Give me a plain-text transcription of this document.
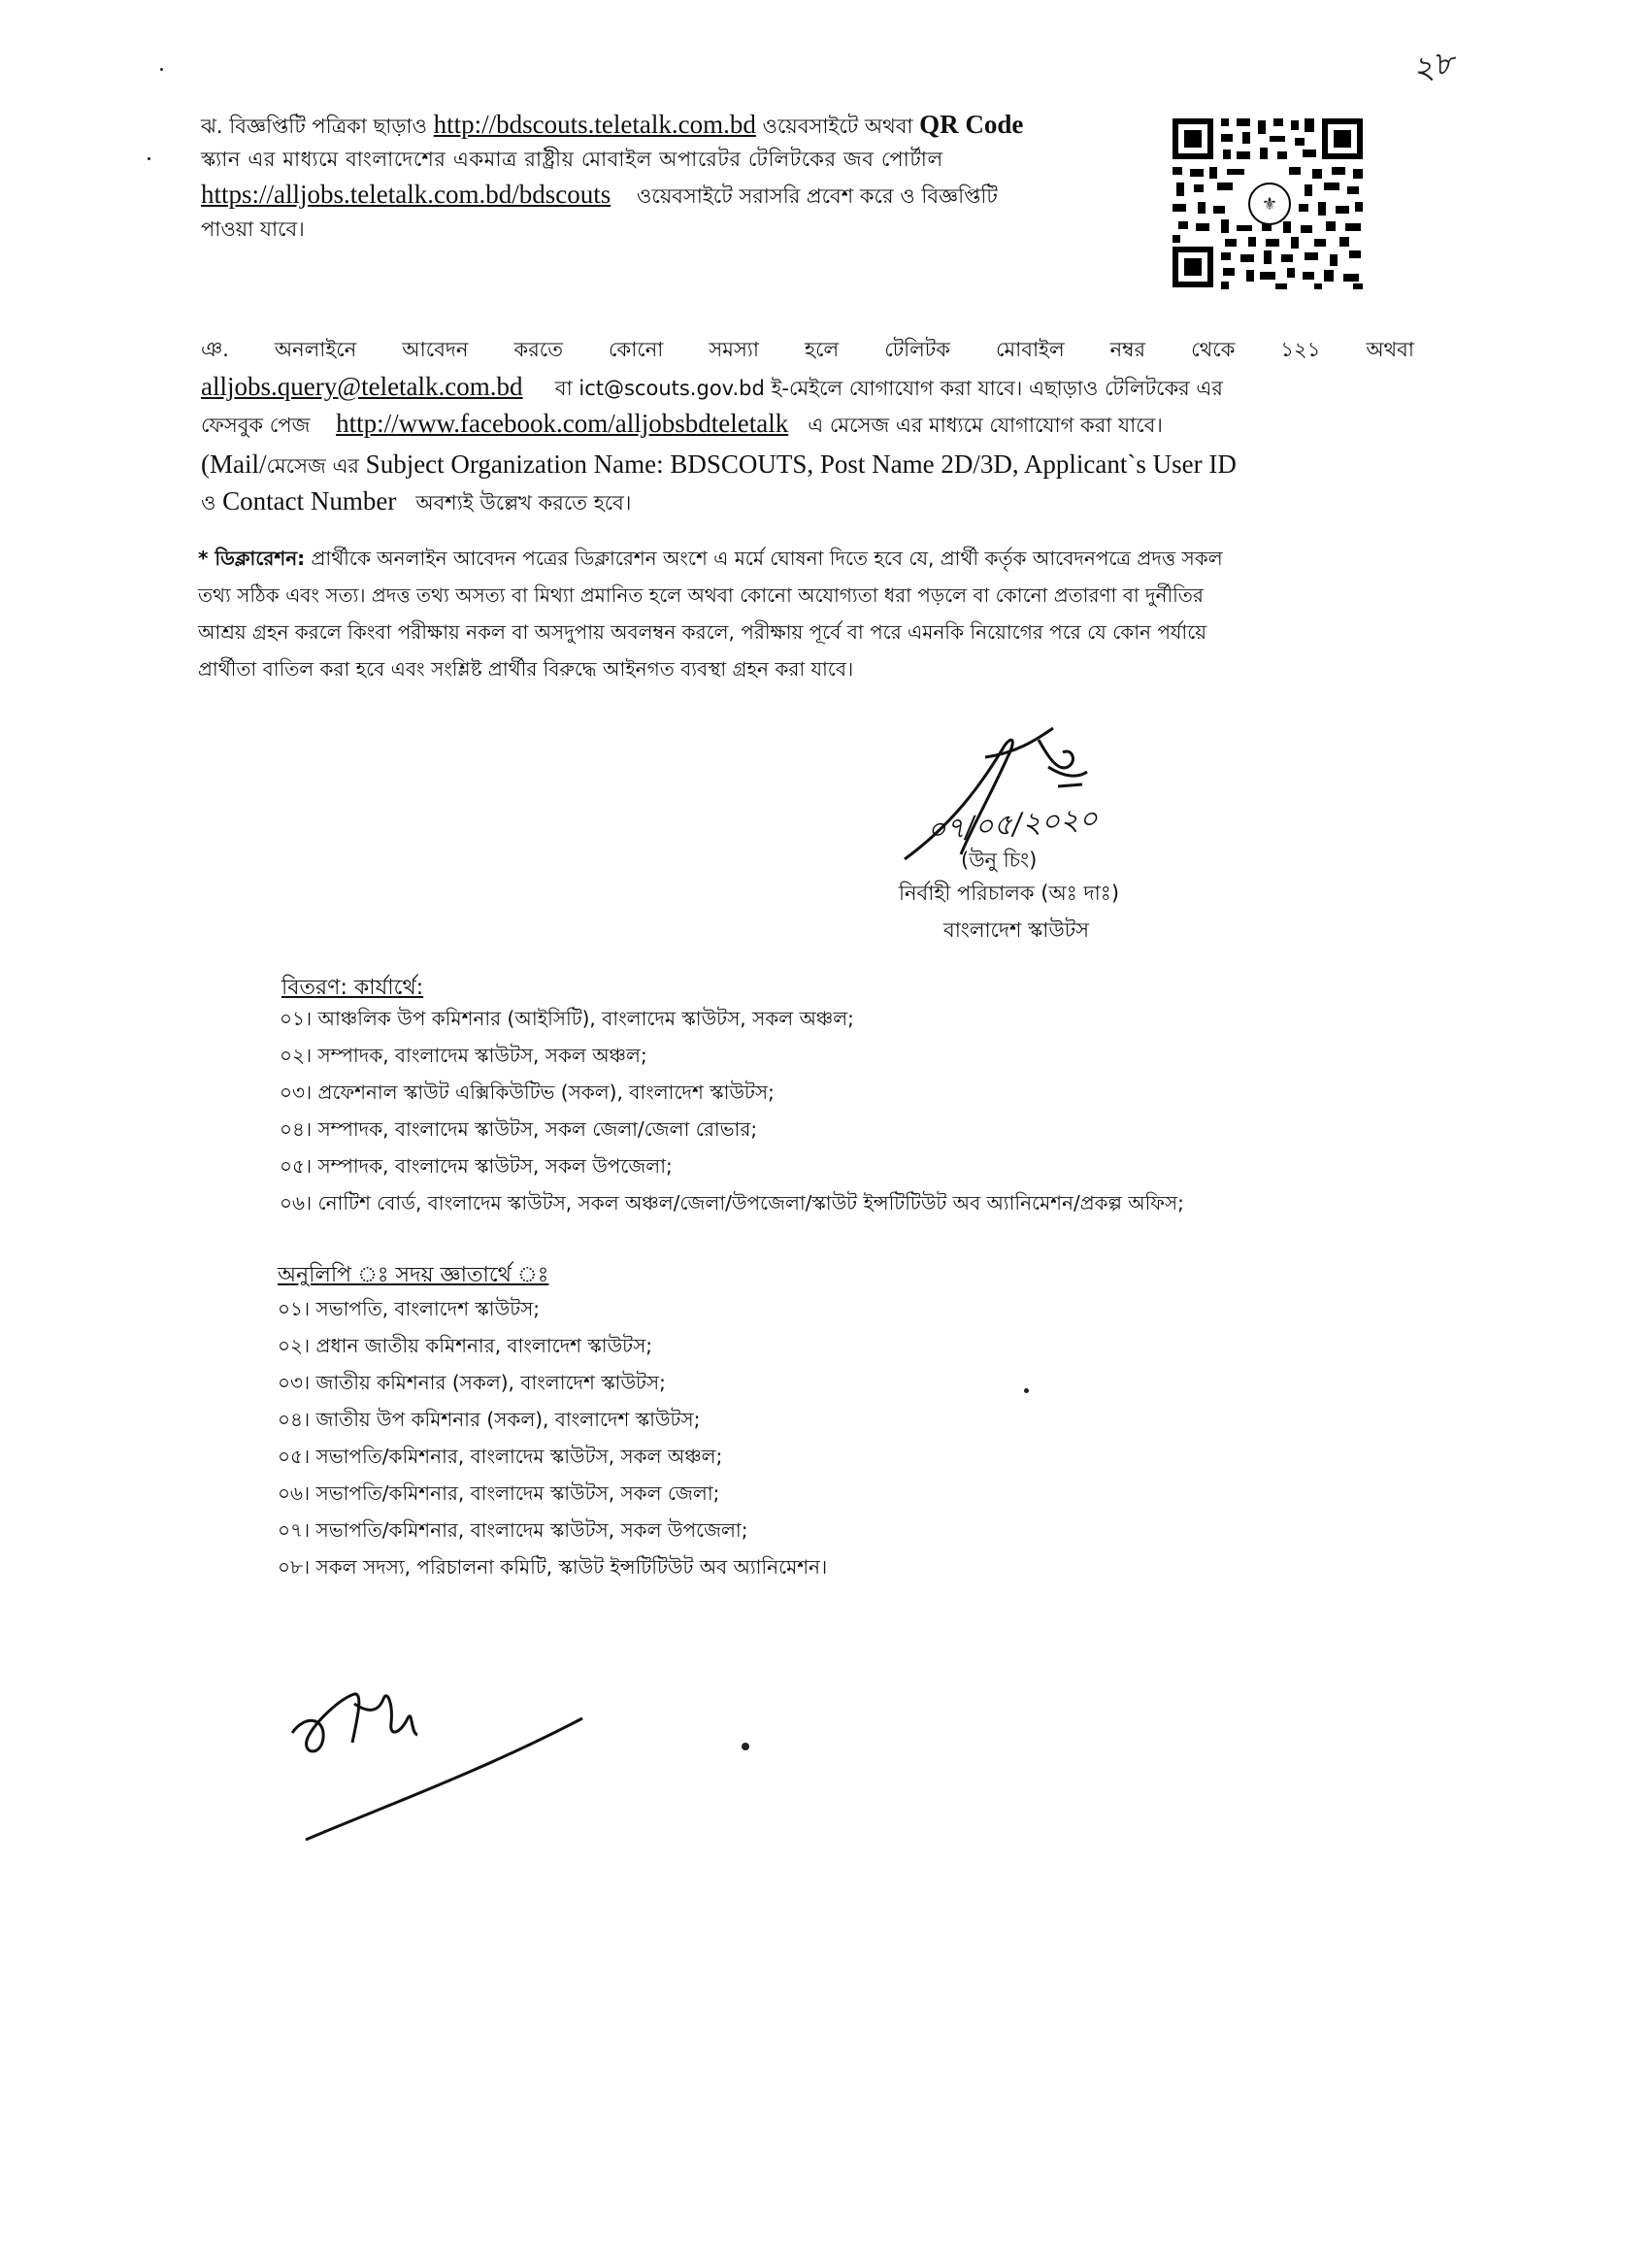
২৮
ঝ. বিজ্ঞপ্তিটি পত্রিকা ছাড়াও http://bdscouts.teletalk.com.bd ওয়েবসাইটে অথবা QR Code
স্ক্যান এর মাধ্যমে বাংলাদেশের একমাত্র রাষ্ট্রীয় মোবাইল অপারেটর টেলিটকের জব পোর্টাল
https://alljobs.teletalk.com.bd/bdscouts ওয়েবসাইটে সরাসরি প্রবেশ করে ও বিজ্ঞপ্তিটি
পাওয়া যাবে।
⚜
ঞ. অনলাইনে আবেদন করতে কোনো সমস্যা হলে টেলিটক মোবাইল নম্বর থেকে ১২১ অথবা
alljobs.query@teletalk.com.bd বা ict@scouts.gov.bd ই-মেইলে যোগাযোগ করা যাবে। এছাড়াও টেলিটকের এর
ফেসবুক পেজ http://www.facebook.com/alljobsbdteletalk এ মেসেজ এর মাধ্যমে যোগাযোগ করা যাবে।
(Mail/মেসেজ এর Subject Organization Name: BDSCOUTS, Post Name 2D/3D, Applicant`s User ID
ও Contact Number অবশ্যই উল্লেখ করতে হবে।
* ডিক্লারেশন: প্রার্থীকে অনলাইন আবেদন পত্রের ডিক্লারেশন অংশে এ মর্মে ঘোষনা দিতে হবে যে, প্রার্থী কর্তৃক আবেদনপত্রে প্রদত্ত সকল
তথ্য সঠিক এবং সত্য। প্রদত্ত তথ্য অসত্য বা মিথ্যা প্রমানিত হলে অথবা কোনো অযোগ্যতা ধরা পড়লে বা কোনো প্রতারণা বা দুর্নীতির
আশ্রয় গ্রহন করলে কিংবা পরীক্ষায় নকল বা অসদুপায় অবলম্বন করলে, পরীক্ষায় পূর্বে বা পরে এমনকি নিয়োগের পরে যে কোন পর্যায়ে
প্রার্থীতা বাতিল করা হবে এবং সংশ্লিষ্ট প্রার্থীর বিরুদ্ধে আইনগত ব্যবস্থা গ্রহন করা যাবে।
০৭/০৫/২০২০
(উনু চিং)
নির্বাহী পরিচালক (অঃ দাঃ)
বাংলাদেশ স্কাউটস
বিতরণ: কার্যার্থে:
০১। আঞ্চলিক উপ কমিশনার (আইসিটি), বাংলাদেম স্কাউটস, সকল অঞ্চল;
০২। সম্পাদক, বাংলাদেম স্কাউটস, সকল অঞ্চল;
০৩। প্রফেশনাল স্কাউট এক্সিকিউটিভ (সকল), বাংলাদেশ স্কাউটস;
০৪। সম্পাদক, বাংলাদেম স্কাউটস, সকল জেলা/জেলা রোভার;
০৫। সম্পাদক, বাংলাদেম স্কাউটস, সকল উপজেলা;
০৬। নোটিশ বোর্ড, বাংলাদেম স্কাউটস, সকল অঞ্চল/জেলা/উপজেলা/স্কাউট ইন্সটিটিউট অব অ্যানিমেশন/প্রকল্প অফিস;
অনুলিপি ঃ সদয় জ্ঞাতার্থে ঃ
০১। সভাপতি, বাংলাদেশ স্কাউটস;
০২। প্রধান জাতীয় কমিশনার, বাংলাদেশ স্কাউটস;
০৩। জাতীয় কমিশনার (সকল), বাংলাদেশ স্কাউটস;
০৪। জাতীয় উপ কমিশনার (সকল), বাংলাদেশ স্কাউটস;
০৫। সভাপতি/কমিশনার, বাংলাদেম স্কাউটস, সকল অঞ্চল;
০৬। সভাপতি/কমিশনার, বাংলাদেম স্কাউটস, সকল জেলা;
০৭। সভাপতি/কমিশনার, বাংলাদেম স্কাউটস, সকল উপজেলা;
০৮। সকল সদস্য, পরিচালনা কমিটি, স্কাউট ইন্সটিটিউট অব অ্যানিমেশন।
